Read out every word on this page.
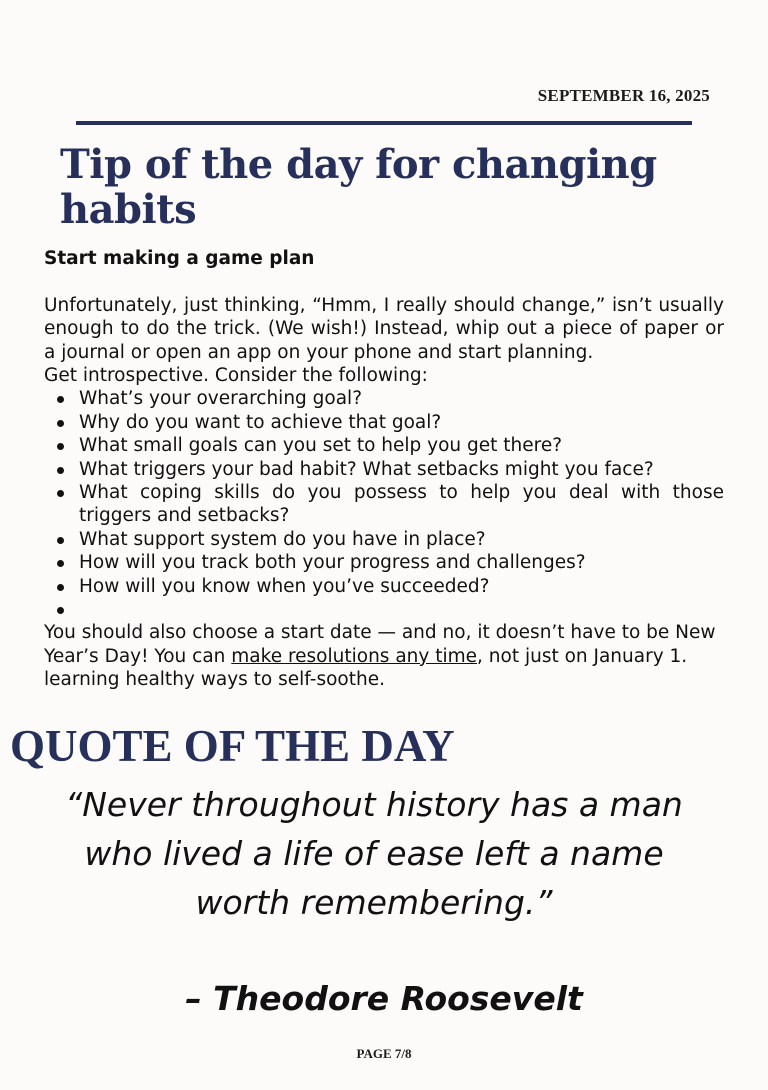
SEPTEMBER 16, 2025
Tip of the day for changing habits
Start making a game plan

Unfortunately, just thinking, “Hmm, I really should change,” isn’t usually enough to do the trick. (We wish!) Instead, whip out a piece of paper or a journal or open an app on your phone and start planning.

Get introspective. Consider the following:

What’s your overarching goal?
Why do you want to achieve that goal?
What small goals can you set to help you get there?
What triggers your bad habit? What setbacks might you face?
What coping skills do you possess to help you deal with those triggers and setbacks?
What support system do you have in place?
How will you track both your progress and challenges?
How will you know when you’ve succeeded?

You should also choose a start date — and no, it doesn’t have to be New Year’s Day! You can make resolutions any time, not just on January 1.

learning healthy ways to self-soothe.

QUOTE OF THE DAY

“Never throughout history has a man who lived a life of ease left a name worth remembering.”

– Theodore Roosevelt
PAGE 7/8
